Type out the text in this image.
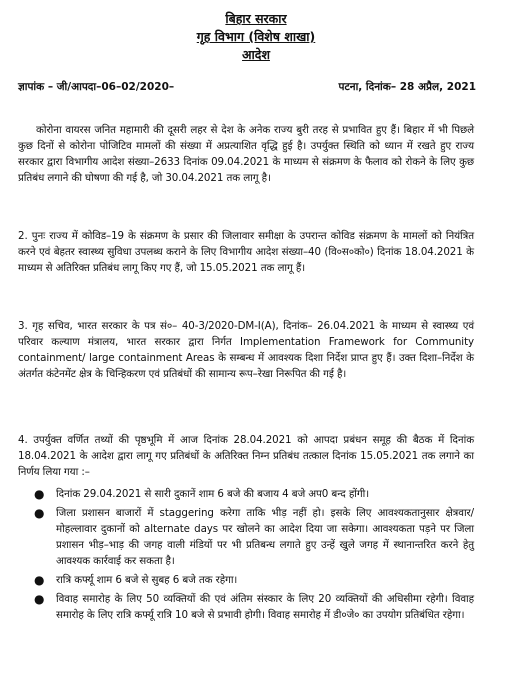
बिहार सरकार
गृह विभाग (विशेष शाखा)
आदेश
ज्ञापांक – जी/आपदा–06–02/2020–	पटना, दिनांक– 28 अप्रैल, 2021
कोरोना वायरस जनित महामारी की दूसरी लहर से देश के अनेक राज्य बुरी तरह से प्रभावित हुए हैं। बिहार में भी पिछले कुछ दिनों से कोरोना पोजिटिव मामलों की संख्या में अप्रत्याशित वृद्धि हुई है। उपर्युक्त स्थिति को ध्यान में रखते हुए राज्य सरकार द्वारा विभागीय आदेश संख्या–2633 दिनांक 09.04.2021 के माध्यम से संक्रमण के फैलाव को रोकने के लिए कुछ प्रतिबंध लगाने की घोषणा की गई है, जो 30.04.2021 तक लागू है।
2. पुनः राज्य में कोविड–19 के संक्रमण के प्रसार की जिलावार समीक्षा के उपरान्त कोविड संक्रमण के मामलों को नियंत्रित करने एवं बेहतर स्वास्थ्य सुविधा उपलब्ध कराने के लिए विभागीय आदेश संख्या–40 (वि०स०को०) दिनांक 18.04.2021 के माध्यम से अतिरिक्त प्रतिबंध लागू किए गए हैं, जो 15.05.2021 तक लागू हैं।
3. गृह सचिव, भारत सरकार के पत्र सं०– 40-3/2020-DM-I(A), दिनांक– 26.04.2021 के माध्यम से स्वास्थ्य एवं परिवार कल्याण मंत्रालय, भारत सरकार द्वारा निर्गत Implementation Framework for Community containment/ large containment Areas के सम्बन्ध में आवश्यक दिशा निर्देश प्राप्त हुए हैं। उक्त दिशा–निर्देश के अंतर्गत कंटेनमेंट क्षेत्र के चिन्हिकरण एवं प्रतिबंधों की सामान्य रूप–रेखा निरूपित की गई है।
4. उपर्युक्त वर्णित तथ्यों की पृष्ठभूमि में आज दिनांक 28.04.2021 को आपदा प्रबंधन समूह की बैठक में दिनांक 18.04.2021 के आदेश द्वारा लागू गए प्रतिबंधों के अतिरिक्त निम्न प्रतिबंध तत्काल दिनांक 15.05.2021 तक लगाने का निर्णय लिया गया :–
● दिनांक 29.04.2021 से सारी दुकानें शाम 6 बजे की बजाय 4 बजे अप0 बन्द होंगी।
● जिला प्रशासन बाजारों में staggering करेगा ताकि भीड़ नहीं हो। इसके लिए आवश्यकतानुसार क्षेत्रवार/मोहल्लावार दुकानों को alternate days पर खोलने का आदेश दिया जा सकेगा। आवश्यकता पड़ने पर जिला प्रशासन भीड़–भाड़ की जगह वाली मंडियों पर भी प्रतिबन्ध लगाते हुए उन्हें खुले जगह में स्थानान्तरित करने हेतु आवश्यक कार्रवाई कर सकता है।
● रात्रि कर्फ्यू शाम 6 बजे से सुबह 6 बजे तक रहेगा।
● विवाह समारोह के लिए 50 व्यक्तियों की एवं अंतिम संस्कार के लिए 20 व्यक्तियों की अधिसीमा रहेगी। विवाह समारोह के लिए रात्रि कर्फ्यू रात्रि 10 बजे से प्रभावी होगी। विवाह समारोह में डी०जे० का उपयोग प्रतिबंधित रहेगा।
